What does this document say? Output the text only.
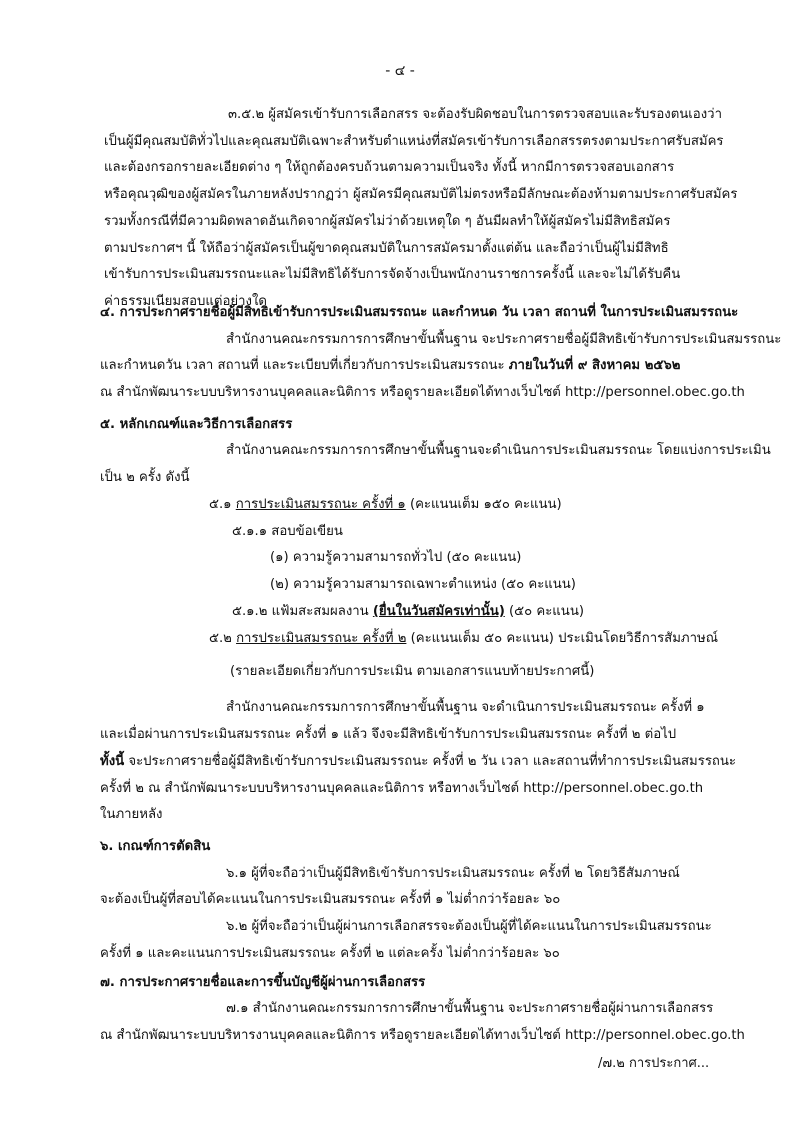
- ๔ -
๓.๕.๒ ผู้สมัครเข้ารับการเลือกสรร จะต้องรับผิดชอบในการตรวจสอบและรับรองตนเองว่า
เป็นผู้มีคุณสมบัติทั่วไปและคุณสมบัติเฉพาะสำหรับตำแหน่งที่สมัครเข้ารับการเลือกสรรตรงตามประกาศรับสมัคร
และต้องกรอกรายละเอียดต่าง ๆ ให้ถูกต้องครบถ้วนตามความเป็นจริง ทั้งนี้ หากมีการตรวจสอบเอกสาร
หรือคุณวุฒิของผู้สมัครในภายหลังปรากฏว่า ผู้สมัครมีคุณสมบัติไม่ตรงหรือมีลักษณะต้องห้ามตามประกาศรับสมัคร
รวมทั้งกรณีที่มีความผิดพลาดอันเกิดจากผู้สมัครไม่ว่าด้วยเหตุใด ๆ อันมีผลทำให้ผู้สมัครไม่มีสิทธิสมัคร
ตามประกาศฯ นี้ ให้ถือว่าผู้สมัครเป็นผู้ขาดคุณสมบัติในการสมัครมาตั้งแต่ต้น และถือว่าเป็นผู้ไม่มีสิทธิ
เข้ารับการประเมินสมรรถนะและไม่มีสิทธิได้รับการจัดจ้างเป็นพนักงานราชการครั้งนี้ และจะไม่ได้รับคืน
ค่าธรรมเนียมสอบแต่อย่างใด
๔. การประกาศรายชื่อผู้มีสิทธิเข้ารับการประเมินสมรรถนะ และกำหนด วัน เวลา สถานที่ ในการประเมินสมรรถนะ
สำนักงานคณะกรรมการการศึกษาขั้นพื้นฐาน จะประกาศรายชื่อผู้มีสิทธิเข้ารับการประเมินสมรรถนะ
และกำหนดวัน เวลา สถานที่ และระเบียบที่เกี่ยวกับการประเมินสมรรถนะ ภายในวันที่ ๙ สิงหาคม ๒๕๖๒
ณ สำนักพัฒนาระบบบริหารงานบุคคลและนิติการ หรือดูรายละเอียดได้ทางเว็บไซต์ http://personnel.obec.go.th
๕. หลักเกณฑ์และวิธีการเลือกสรร
สำนักงานคณะกรรมการการศึกษาขั้นพื้นฐานจะดำเนินการประเมินสมรรถนะ โดยแบ่งการประเมิน
เป็น ๒ ครั้ง ดังนี้
๕.๑ การประเมินสมรรถนะ ครั้งที่ ๑ (คะแนนเต็ม ๑๕๐ คะแนน)
๕.๑.๑ สอบข้อเขียน
(๑) ความรู้ความสามารถทั่วไป (๕๐ คะแนน)
(๒) ความรู้ความสามารถเฉพาะตำแหน่ง (๕๐ คะแนน)
๕.๑.๒ แฟ้มสะสมผลงาน (ยื่นในวันสมัครเท่านั้น) (๕๐ คะแนน)
๕.๒ การประเมินสมรรถนะ ครั้งที่ ๒ (คะแนนเต็ม ๕๐ คะแนน) ประเมินโดยวิธีการสัมภาษณ์
(รายละเอียดเกี่ยวกับการประเมิน ตามเอกสารแนบท้ายประกาศนี้)
สำนักงานคณะกรรมการการศึกษาขั้นพื้นฐาน จะดำเนินการประเมินสมรรถนะ ครั้งที่ ๑
และเมื่อผ่านการประเมินสมรรถนะ ครั้งที่ ๑ แล้ว จึงจะมีสิทธิเข้ารับการประเมินสมรรถนะ ครั้งที่ ๒ ต่อไป
ทั้งนี้ จะประกาศรายชื่อผู้มีสิทธิเข้ารับการประเมินสมรรถนะ ครั้งที่ ๒ วัน เวลา และสถานที่ทำการประเมินสมรรถนะ
ครั้งที่ ๒ ณ สำนักพัฒนาระบบบริหารงานบุคคลและนิติการ หรือทางเว็บไซต์ http://personnel.obec.go.th
ในภายหลัง
๖. เกณฑ์การตัดสิน
๖.๑ ผู้ที่จะถือว่าเป็นผู้มีสิทธิเข้ารับการประเมินสมรรถนะ ครั้งที่ ๒ โดยวิธีสัมภาษณ์
จะต้องเป็นผู้ที่สอบได้คะแนนในการประเมินสมรรถนะ ครั้งที่ ๑ ไม่ต่ำกว่าร้อยละ ๖๐
๖.๒ ผู้ที่จะถือว่าเป็นผู้ผ่านการเลือกสรรจะต้องเป็นผู้ที่ได้คะแนนในการประเมินสมรรถนะ
ครั้งที่ ๑ และคะแนนการประเมินสมรรถนะ ครั้งที่ ๒ แต่ละครั้ง ไม่ต่ำกว่าร้อยละ ๖๐
๗. การประกาศรายชื่อและการขึ้นบัญชีผู้ผ่านการเลือกสรร
๗.๑ สำนักงานคณะกรรมการการศึกษาขั้นพื้นฐาน จะประกาศรายชื่อผู้ผ่านการเลือกสรร
ณ สำนักพัฒนาระบบบริหารงานบุคคลและนิติการ หรือดูรายละเอียดได้ทางเว็บไซต์ http://personnel.obec.go.th
/๗.๒ การประกาศ...
